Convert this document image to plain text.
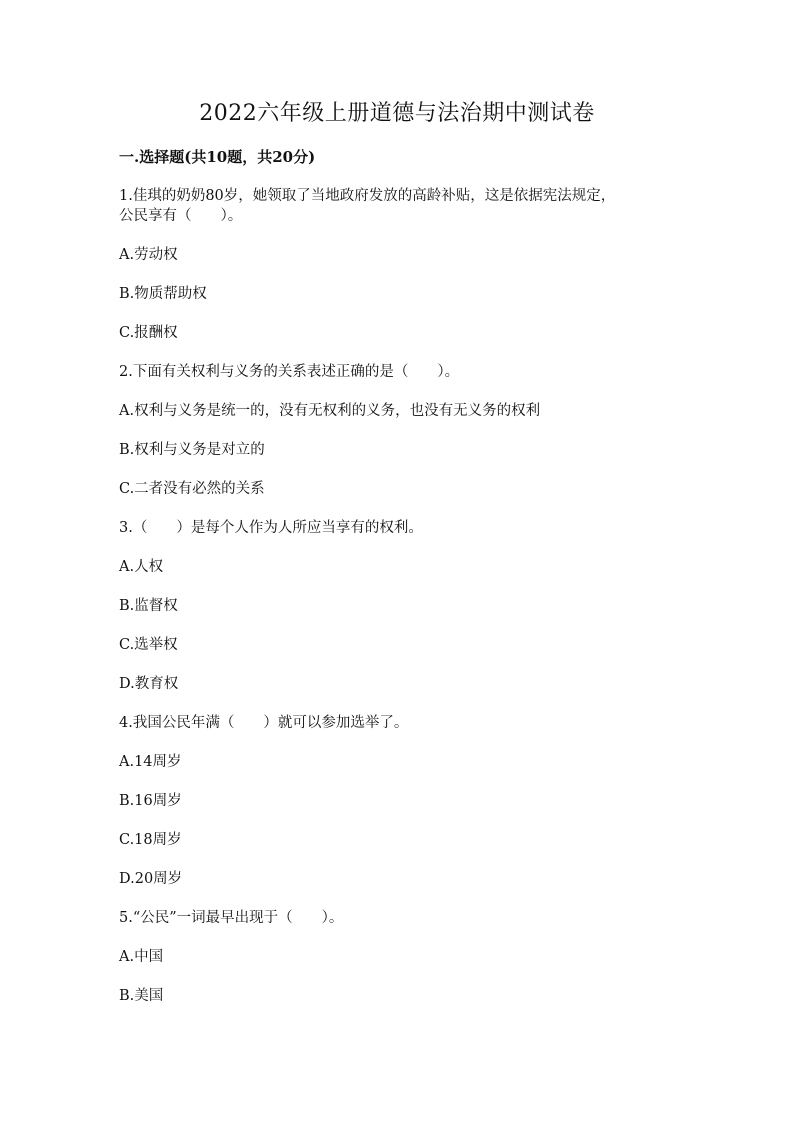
2022六年级上册道德与法治期中测试卷
一.选择题(共10题，共20分)
1.佳琪的奶奶80岁，她领取了当地政府发放的高龄补贴，这是依据宪法规定，
公民享有（　　）。
A.劳动权
B.物质帮助权
C.报酬权
2.下面有关权利与义务的关系表述正确的是（　　）。
A.权利与义务是统一的，没有无权利的义务，也没有无义务的权利
B.权利与义务是对立的
C.二者没有必然的关系
3.（　　）是每个人作为人所应当享有的权利。
A.人权
B.监督权
C.选举权
D.教育权
4.我国公民年满（　　）就可以参加选举了。
A.14周岁
B.16周岁
C.18周岁
D.20周岁
5.“公民”一词最早出现于（　　）。
A.中国
B.美国
